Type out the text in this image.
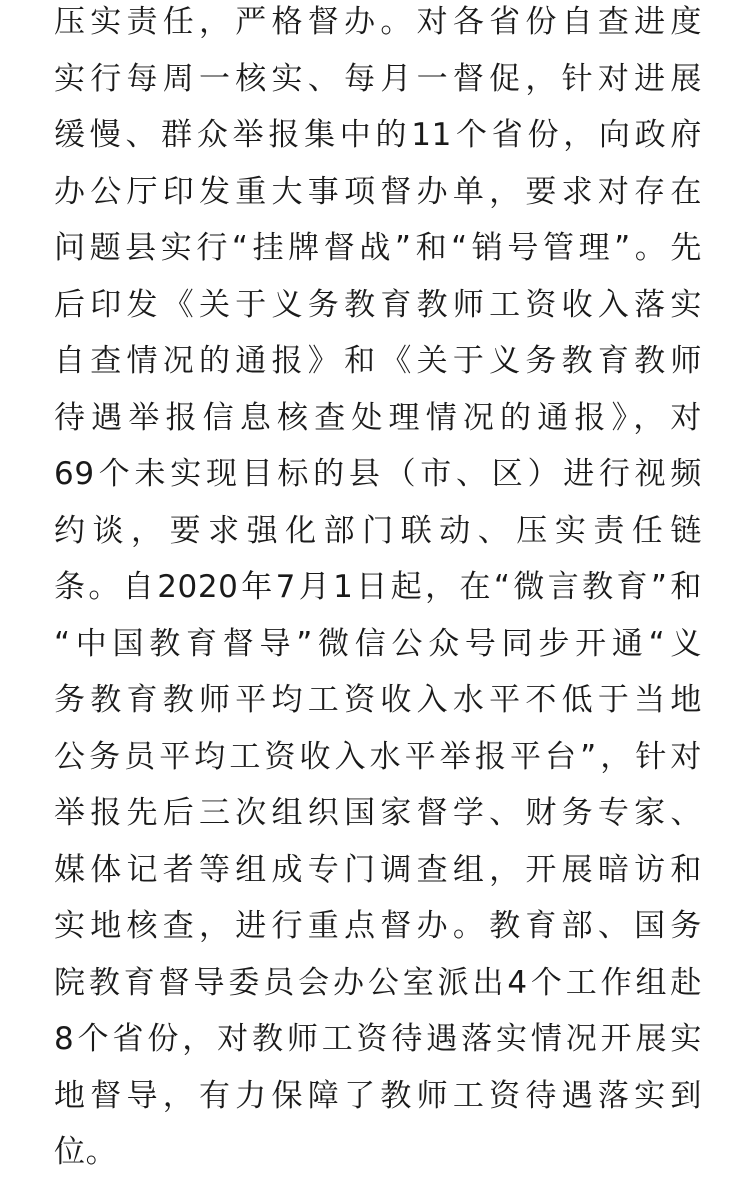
压实责任，严格督办。对各省份自查进度
实行每周一核实、每月一督促，针对进展
缓慢、群众举报集中的11个省份，向政府
办公厅印发重大事项督办单，要求对存在
问题县实行“挂牌督战”和“销号管理”。先
后印发《关于义务教育教师工资收入落实
自查情况的通报》和《关于义务教育教师
待遇举报信息核查处理情况的通报》，对
69个未实现目标的县（市、区）进行视频
约谈，要求强化部门联动、压实责任链
条。自2020年7月1日起，在“微言教育”和
“中国教育督导”微信公众号同步开通“义
务教育教师平均工资收入水平不低于当地
公务员平均工资收入水平举报平台”，针对
举报先后三次组织国家督学、财务专家、
媒体记者等组成专门调查组，开展暗访和
实地核查，进行重点督办。教育部、国务
院教育督导委员会办公室派出4个工作组赴
8个省份，对教师工资待遇落实情况开展实
地督导，有力保障了教师工资待遇落实到
位。
